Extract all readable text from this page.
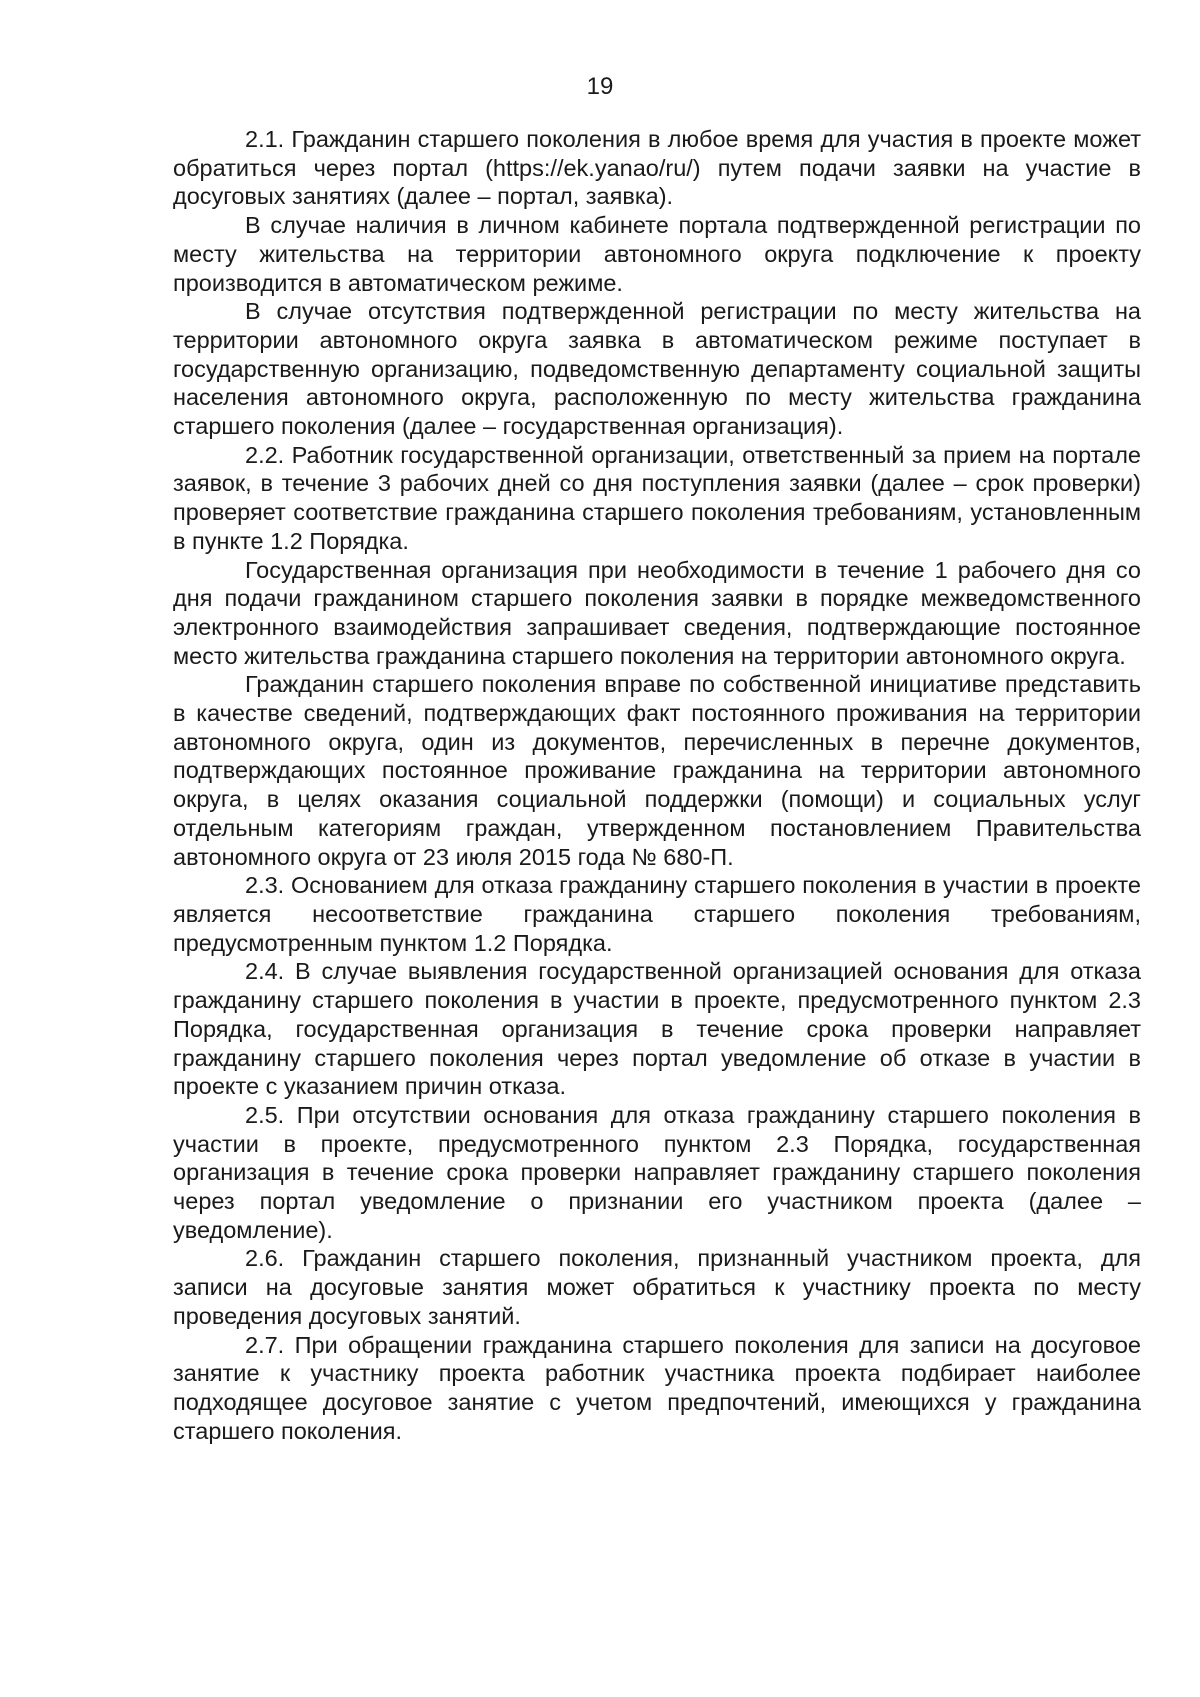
19

2.1. Гражданин старшего поколения в любое время для участия в проекте может обратиться через портал (https://ek.yanao/ru/) путем подачи заявки на участие в досуговых занятиях (далее – портал, заявка).

В случае наличия в личном кабинете портала подтвержденной регистрации по месту жительства на территории автономного округа подключение к проекту производится в автоматическом режиме.

В случае отсутствия подтвержденной регистрации по месту жительства на территории автономного округа заявка в автоматическом режиме поступает в государственную организацию, подведомственную департаменту социальной защиты населения автономного округа, расположенную по месту жительства гражданина старшего поколения (далее – государственная организация).

2.2. Работник государственной организации, ответственный за прием на портале заявок, в течение 3 рабочих дней со дня поступления заявки (далее – срок проверки) проверяет соответствие гражданина старшего поколения требованиям, установленным в пункте 1.2 Порядка.

Государственная организация при необходимости в течение 1 рабочего дня со дня подачи гражданином старшего поколения заявки в порядке межведомственного электронного взаимодействия запрашивает сведения, подтверждающие постоянное место жительства гражданина старшего поколения на территории автономного округа.

Гражданин старшего поколения вправе по собственной инициативе представить в качестве сведений, подтверждающих факт постоянного проживания на территории автономного округа, один из документов, перечисленных в перечне документов, подтверждающих постоянное проживание гражданина на территории автономного округа, в целях оказания социальной поддержки (помощи) и социальных услуг отдельным категориям граждан, утвержденном постановлением Правительства автономного округа от 23 июля 2015 года № 680-П.

2.3. Основанием для отказа гражданину старшего поколения в участии в проекте является несоответствие гражданина старшего поколения требованиям, предусмотренным пунктом 1.2 Порядка.

2.4. В случае выявления государственной организацией основания для отказа гражданину старшего поколения в участии в проекте, предусмотренного пунктом 2.3 Порядка, государственная организация в течение срока проверки направляет гражданину старшего поколения через портал уведомление об отказе в участии в проекте с указанием причин отказа.

2.5. При отсутствии основания для отказа гражданину старшего поколения в участии в проекте, предусмотренного пунктом 2.3 Порядка, государственная организация в течение срока проверки направляет гражданину старшего поколения через портал уведомление о признании его участником проекта (далее – уведомление).

2.6. Гражданин старшего поколения, признанный участником проекта, для записи на досуговые занятия может обратиться к участнику проекта по месту проведения досуговых занятий.

2.7. При обращении гражданина старшего поколения для записи на досуговое занятие к участнику проекта работник участника проекта подбирает наиболее подходящее досуговое занятие с учетом предпочтений, имеющихся у гражданина старшего поколения.
